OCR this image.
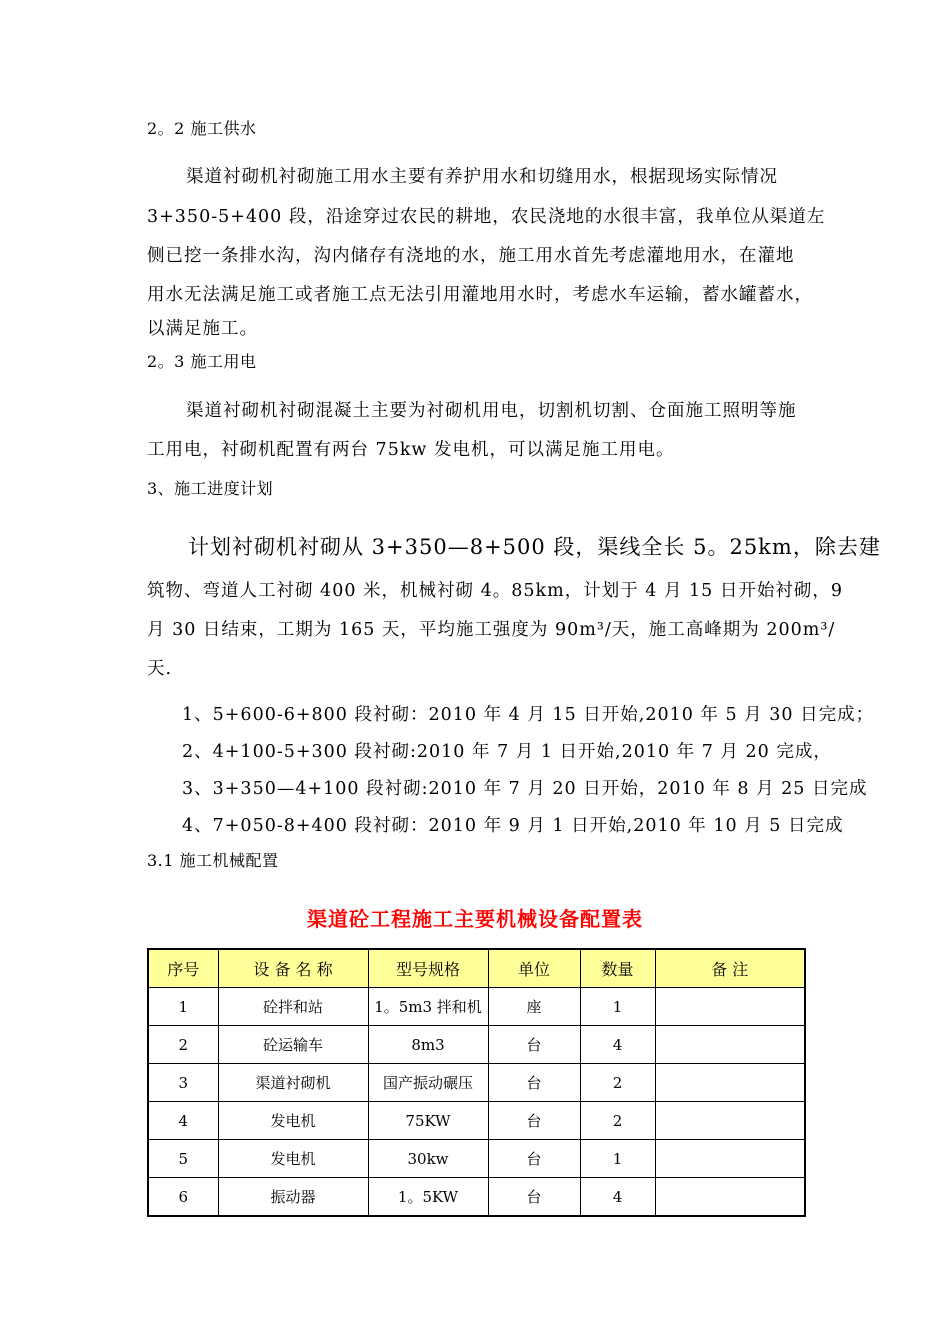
2。2 施工供水
渠道衬砌机衬砌施工用水主要有养护用水和切缝用水，根据现场实际情况
3+350-5+400 段，沿途穿过农民的耕地，农民浇地的水很丰富，我单位从渠道左
侧已挖一条排水沟，沟内储存有浇地的水，施工用水首先考虑灌地用水，在灌地
用水无法满足施工或者施工点无法引用灌地用水时，考虑水车运输，蓄水罐蓄水，
以满足施工。
2。3 施工用电
渠道衬砌机衬砌混凝土主要为衬砌机用电，切割机切割、仓面施工照明等施
工用电，衬砌机配置有两台 75kw 发电机，可以满足施工用电。
3、施工进度计划
计划衬砌机衬砌从 3+350—8+500 段，渠线全长 5。25km，除去建
筑物、弯道人工衬砌 400 米，机械衬砌 4。85km，计划于 4 月 15 日开始衬砌，9
月 30 日结束，工期为 165 天，平均施工强度为 90m³/天，施工高峰期为 200m³/
天.
1、5+600-6+800 段衬砌：2010 年 4 月 15 日开始,2010 年 5 月 30 日完成；
2、4+100-5+300 段衬砌:2010 年 7 月 1 日开始,2010 年 7 月 20 完成，
3、3+350—4+100 段衬砌:2010 年 7 月 20 日开始，2010 年 8 月 25 日完成
4、7+050-8+400 段衬砌：2010 年 9 月 1 日开始,2010 年 10 月 5 日完成
3.1 施工机械配置
渠道砼工程施工主要机械设备配置表
序号	设 备 名 称	型号规格	单位	数量	备 注
1	砼拌和站	1。5m3 拌和机	座	1	
2	砼运输车	8m3	台	4	
3	渠道衬砌机	国产振动碾压	台	2	
4	发电机	75KW	台	2	
5	发电机	30kw	台	1	
6	振动器	1。5KW	台	4	
